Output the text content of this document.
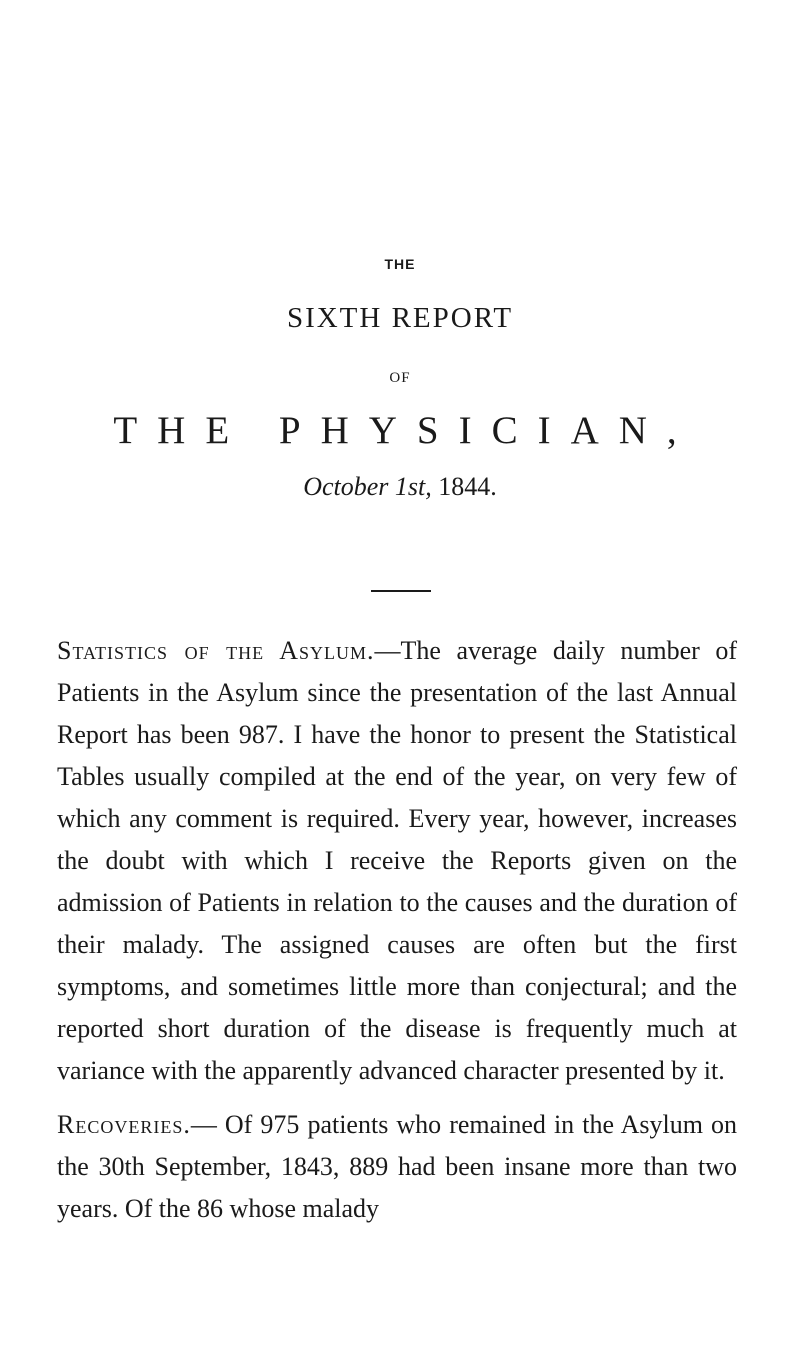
THE
SIXTH REPORT
OF
THE PHYSICIAN,
October 1st, 1844.

Statistics of the Asylum.—The average daily number of Patients in the Asylum since the presentation of the last Annual Report has been 987. I have the honor to present the Statistical Tables usually compiled at the end of the year, on very few of which any comment is required. Every year, however, increases the doubt with which I receive the Reports given on the admission of Patients in relation to the causes and the duration of their malady. The assigned causes are often but the first symptoms, and sometimes little more than conjectural; and the reported short duration of the disease is frequently much at variance with the apparently advanced character presented by it.

Recoveries.— Of 975 patients who remained in the Asylum on the 30th September, 1843, 889 had been insane more than two years. Of the 86 whose malady
